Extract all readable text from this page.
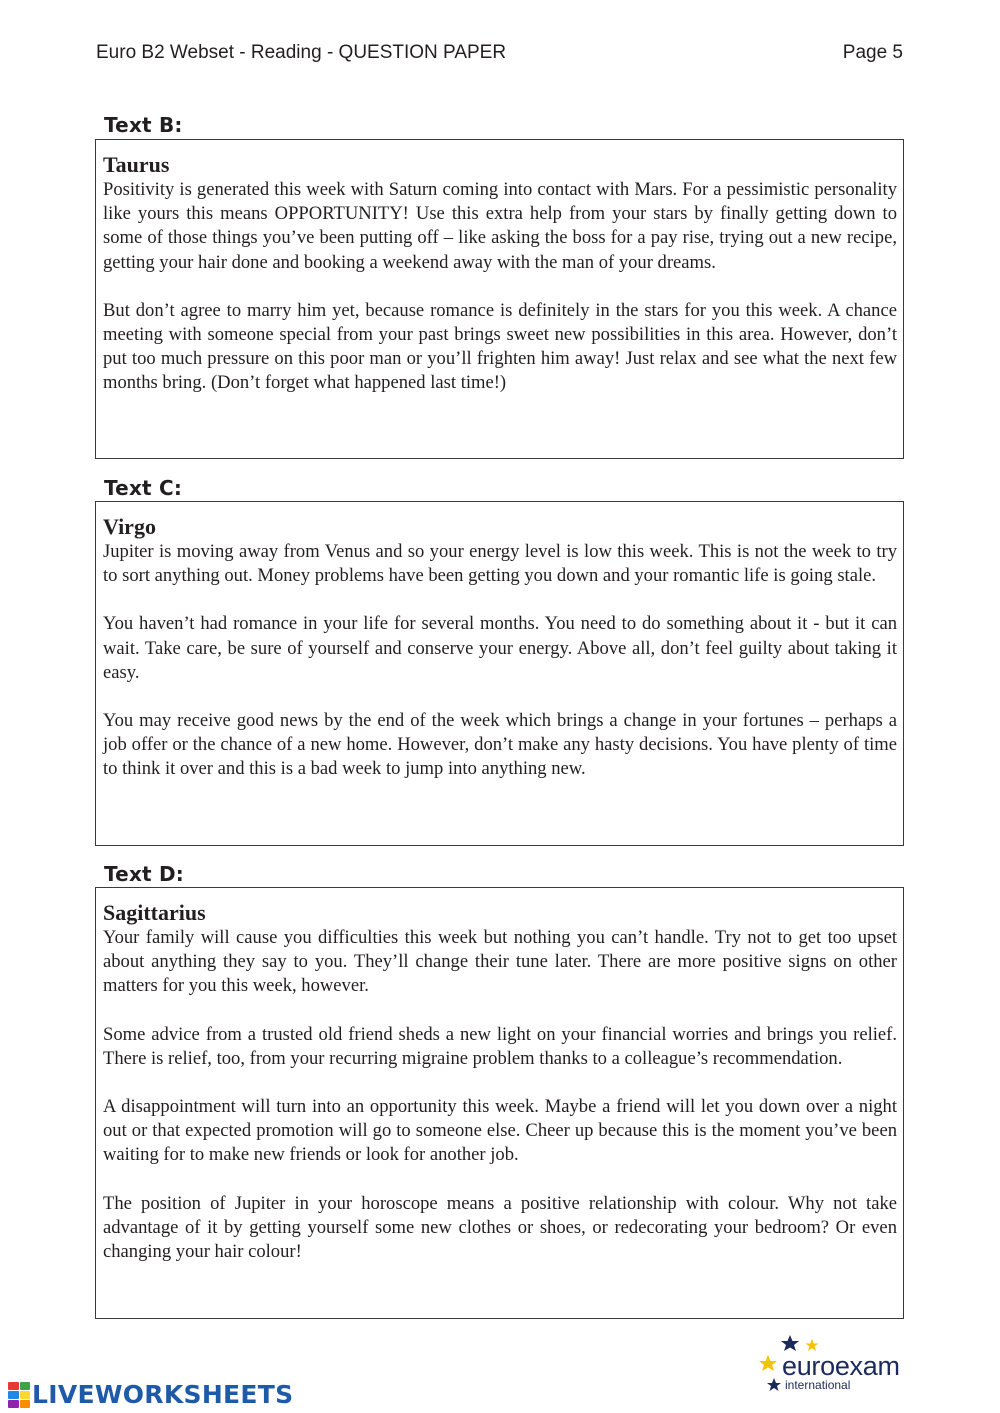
Euro B2 Webset - Reading - QUESTION PAPER	Page 5
Text B:
Taurus

Positivity is generated this week with Saturn coming into contact with Mars. For a pessimistic personality like yours this means OPPORTUNITY! Use this extra help from your stars by finally getting down to some of those things you’ve been putting off – like asking the boss for a pay rise, trying out a new recipe, getting your hair done and booking a weekend away with the man of your dreams.

But don’t agree to marry him yet, because romance is definitely in the stars for you this week. A chance meeting with someone special from your past brings sweet new possibilities in this area. However, don’t put too much pressure on this poor man or you’ll frighten him away! Just relax and see what the next few months bring. (Don’t forget what happened last time!)

Text C:
Virgo

Jupiter is moving away from Venus and so your energy level is low this week. This is not the week to try to sort anything out. Money problems have been getting you down and your romantic life is going stale.

You haven’t had romance in your life for several months. You need to do something about it - but it can wait. Take care, be sure of yourself and conserve your energy. Above all, don’t feel guilty about taking it easy.

You may receive good news by the end of the week which brings a change in your fortunes – perhaps a job offer or the chance of a new home. However, don’t make any hasty decisions. You have plenty of time to think it over and this is a bad week to jump into anything new.

Text D:
Sagittarius

Your family will cause you difficulties this week but nothing you can’t handle. Try not to get too upset about anything they say to you. They’ll change their tune later. There are more positive signs on other matters for you this week, however.

Some advice from a trusted old friend sheds a new light on your financial worries and brings you relief. There is relief, too, from your recurring migraine problem thanks to a colleague’s recommendation.

A disappointment will turn into an opportunity this week. Maybe a friend will let you down over a night out or that expected promotion will go to someone else. Cheer up because this is the moment you’ve been waiting for to make new friends or look for another job.

The position of Jupiter in your horoscope means a positive relationship with colour. Why not take advantage of it by getting yourself some new clothes or shoes, or redecorating your bedroom? Or even changing your hair colour!

euroexam
international
LIVEWORKSHEETS
